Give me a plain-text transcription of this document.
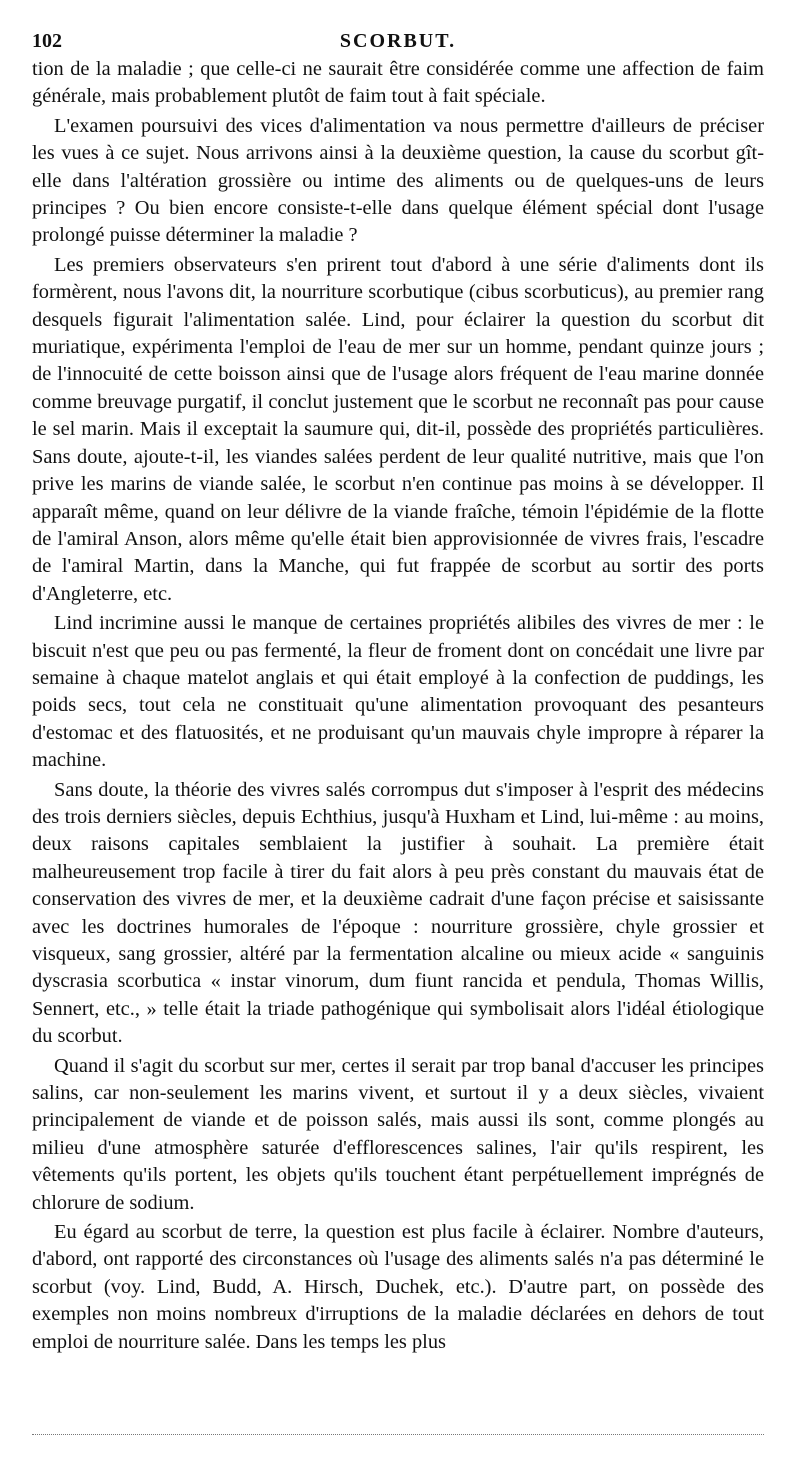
102	SCORBUT.

tion de la maladie ; que celle-ci ne saurait être considérée comme une affection de faim générale, mais probablement plutôt de faim tout à fait spéciale.

L'examen poursuivi des vices d'alimentation va nous permettre d'ailleurs de préciser les vues à ce sujet. Nous arrivons ainsi à la deuxième question, la cause du scorbut gît-elle dans l'altération grossière ou intime des aliments ou de quelques-uns de leurs principes ? Ou bien encore consiste-t-elle dans quelque élément spécial dont l'usage prolongé puisse déterminer la maladie ?

Les premiers observateurs s'en prirent tout d'abord à une série d'aliments dont ils formèrent, nous l'avons dit, la nourriture scorbutique (cibus scorbuticus), au premier rang desquels figurait l'alimentation salée. Lind, pour éclairer la question du scorbut dit muriatique, expérimenta l'emploi de l'eau de mer sur un homme, pendant quinze jours ; de l'innocuité de cette boisson ainsi que de l'usage alors fréquent de l'eau marine donnée comme breuvage purgatif, il conclut justement que le scorbut ne reconnaît pas pour cause le sel marin. Mais il exceptait la saumure qui, dit-il, possède des propriétés particulières. Sans doute, ajoute-t-il, les viandes salées perdent de leur qualité nutritive, mais que l'on prive les marins de viande salée, le scorbut n'en continue pas moins à se développer. Il apparaît même, quand on leur délivre de la viande fraîche, témoin l'épidémie de la flotte de l'amiral Anson, alors même qu'elle était bien approvisionnée de vivres frais, l'escadre de l'amiral Martin, dans la Manche, qui fut frappée de scorbut au sortir des ports d'Angleterre, etc.

Lind incrimine aussi le manque de certaines propriétés alibiles des vivres de mer : le biscuit n'est que peu ou pas fermenté, la fleur de froment dont on concédait une livre par semaine à chaque matelot anglais et qui était employé à la confection de puddings, les poids secs, tout cela ne constituait qu'une alimentation provoquant des pesanteurs d'estomac et des flatuosités, et ne produisant qu'un mauvais chyle impropre à réparer la machine.

Sans doute, la théorie des vivres salés corrompus dut s'imposer à l'esprit des médecins des trois derniers siècles, depuis Echthius, jusqu'à Huxham et Lind, lui-même : au moins, deux raisons capitales semblaient la justifier à souhait. La première était malheureusement trop facile à tirer du fait alors à peu près constant du mauvais état de conservation des vivres de mer, et la deuxième cadrait d'une façon précise et saisissante avec les doctrines humorales de l'époque : nourriture grossière, chyle grossier et visqueux, sang grossier, altéré par la fermentation alcaline ou mieux acide « sanguinis dyscrasia scorbutica « instar vinorum, dum fiunt rancida et pendula, Thomas Willis, Sennert, etc., » telle était la triade pathogénique qui symbolisait alors l'idéal étiologique du scorbut.

Quand il s'agit du scorbut sur mer, certes il serait par trop banal d'accuser les principes salins, car non-seulement les marins vivent, et surtout il y a deux siècles, vivaient principalement de viande et de poisson salés, mais aussi ils sont, comme plongés au milieu d'une atmosphère saturée d'efflorescences salines, l'air qu'ils respirent, les vêtements qu'ils portent, les objets qu'ils touchent étant perpétuellement imprégnés de chlorure de sodium.

Eu égard au scorbut de terre, la question est plus facile à éclairer. Nombre d'auteurs, d'abord, ont rapporté des circonstances où l'usage des aliments salés n'a pas déterminé le scorbut (voy. Lind, Budd, A. Hirsch, Duchek, etc.). D'autre part, on possède des exemples non moins nombreux d'irruptions de la maladie déclarées en dehors de tout emploi de nourriture salée. Dans les temps les plus
